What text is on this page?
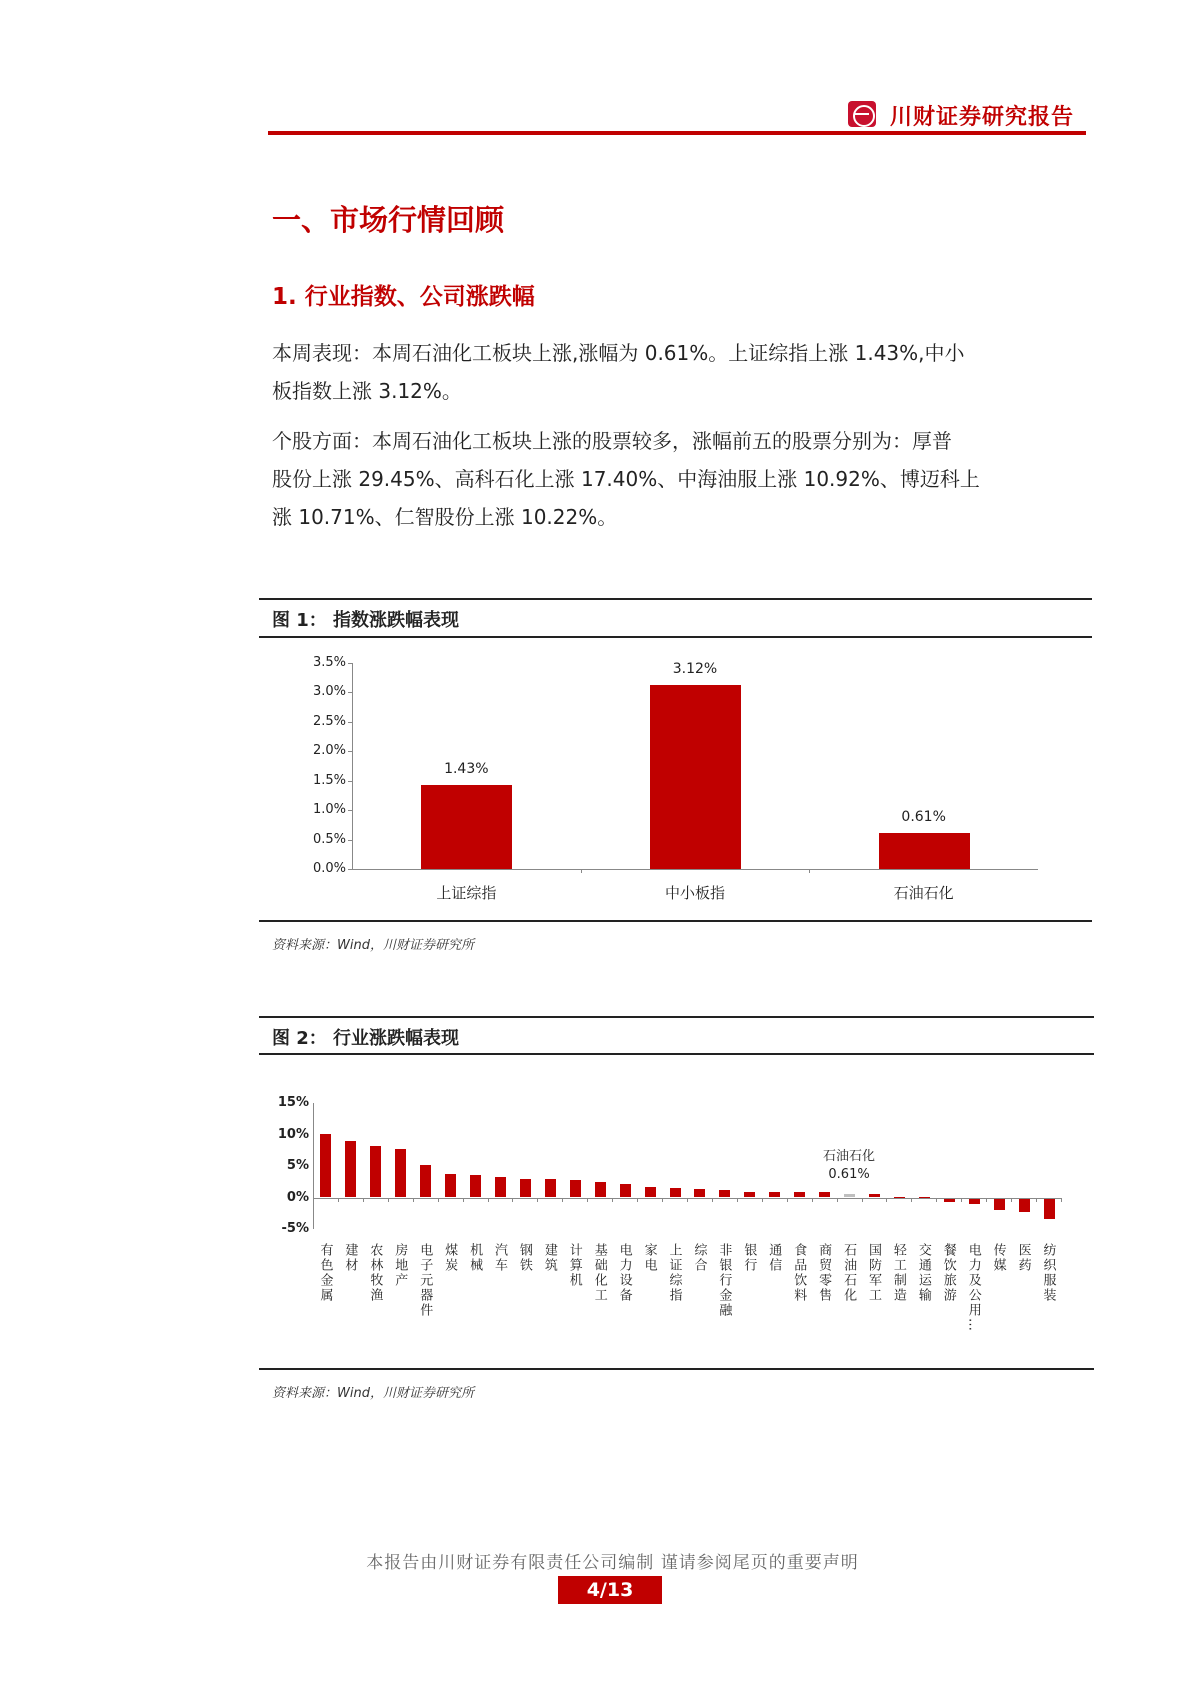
川财证券研究报告
一、市场行情回顾
1. 行业指数、公司涨跌幅
本周表现：本周石油化工板块上涨,涨幅为 0.61%。上证综指上涨 1.43%,中小
板指数上涨 3.12%。
个股方面：本周石油化工板块上涨的股票较多，涨幅前五的股票分别为：厚普
股份上涨 29.45%、高科石化上涨 17.40%、中海油服上涨 10.92%、博迈科上
涨 10.71%、仁智股份上涨 10.22%。
图 1： 指数涨跌幅表现
0.0%
0.5%
1.0%
1.5%
2.0%
2.5%
3.0%
3.5%
1.43%
上证综指
3.12%
中小板指
0.61%
石油石化
资料来源：Wind，川财证券研究所
图 2： 行业涨跌幅表现
-5%
0%
5%
10%
15%
有色金属 建材 农林牧渔 房地产 电子元器件 煤炭 机械 汽车 钢铁 建筑 计算机 基础化工 电力设备 家电 上证综指 综合 非银行金融 银行 通信 食品饮料 商贸零售 石油石化 国防军工 轻工制造 交通运输 餐饮旅游 电力及公用… 传媒 医药 纺织服装
石油石化
0.61%
资料来源：Wind，川财证券研究所
本报告由川财证券有限责任公司编制 谨请参阅尾页的重要声明
4/13
